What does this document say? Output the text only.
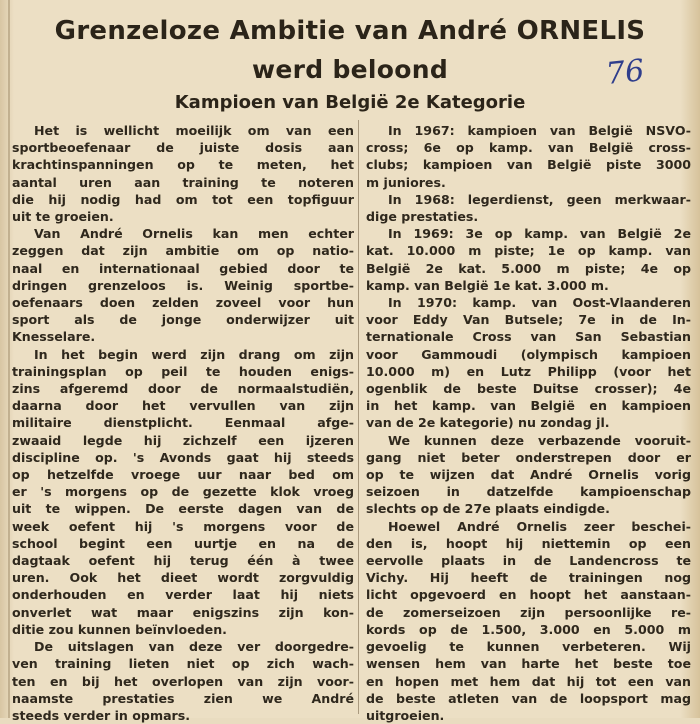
Grenzeloze Ambitie van André ORNELIS
werd beloond	76
Kampioen van België 2e Kategorie
Het is wellicht moeilijk om van een
sportbeoefenaar de juiste dosis aan
krachtinspanningen op te meten, het
aantal uren aan training te noteren
die hij nodig had om tot een topfiguur
uit te groeien.
Van André Ornelis kan men echter
zeggen dat zijn ambitie om op natio-
naal en internationaal gebied door te
dringen grenzeloos is. Weinig sportbe-
oefenaars doen zelden zoveel voor hun
sport als de jonge onderwijzer uit
Knesselare.
In het begin werd zijn drang om zijn
trainingsplan op peil te houden enigs-
zins afgeremd door de normaalstudiën,
daarna door het vervullen van zijn
militaire dienstplicht. Eenmaal afge-
zwaaid legde hij zichzelf een ijzeren
discipline op. 's Avonds gaat hij steeds
op hetzelfde vroege uur naar bed om
er 's morgens op de gezette klok vroeg
uit te wippen. De eerste dagen van de
week oefent hij 's morgens voor de
school begint een uurtje en na de
dagtaak oefent hij terug één à twee
uren. Ook het dieet wordt zorgvuldig
onderhouden en verder laat hij niets
onverlet wat maar enigszins zijn kon-
ditie zou kunnen beïnvloeden.
De uitslagen van deze ver doorgedre-
ven training lieten niet op zich wach-
ten en bij het overlopen van zijn voor-
naamste prestaties zien we André
steeds verder in opmars.
In 1967: kampioen van België NSVO-
cross; 6e op kamp. van België cross-
clubs; kampioen van België piste 3000
m juniores.
In 1968: legerdienst, geen merkwaar-
dige prestaties.
In 1969: 3e op kamp. van België 2e
kat. 10.000 m piste; 1e op kamp. van
België 2e kat. 5.000 m piste; 4e op
kamp. van België 1e kat. 3.000 m.
In 1970: kamp. van Oost-Vlaanderen
voor Eddy Van Butsele; 7e in de In-
ternationale Cross van San Sebastian
voor Gammoudi (olympisch kampioen
10.000 m) en Lutz Philipp (voor het
ogenblik de beste Duitse crosser); 4e
in het kamp. van België en kampioen
van de 2e kategorie) nu zondag jl.
We kunnen deze verbazende vooruit-
gang niet beter onderstrepen door er
op te wijzen dat André Ornelis vorig
seizoen in datzelfde kampioenschap
slechts op de 27e plaats eindigde.
Hoewel André Ornelis zeer beschei-
den is, hoopt hij niettemin op een
eervolle plaats in de Landencross te
Vichy. Hij heeft de trainingen nog
licht opgevoerd en hoopt het aanstaan-
de zomerseizoen zijn persoonlijke re-
kords op de 1.500, 3.000 en 5.000 m
gevoelig te kunnen verbeteren. Wij
wensen hem van harte het beste toe
en hopen met hem dat hij tot een van
de beste atleten van de loopsport mag
uitgroeien.
